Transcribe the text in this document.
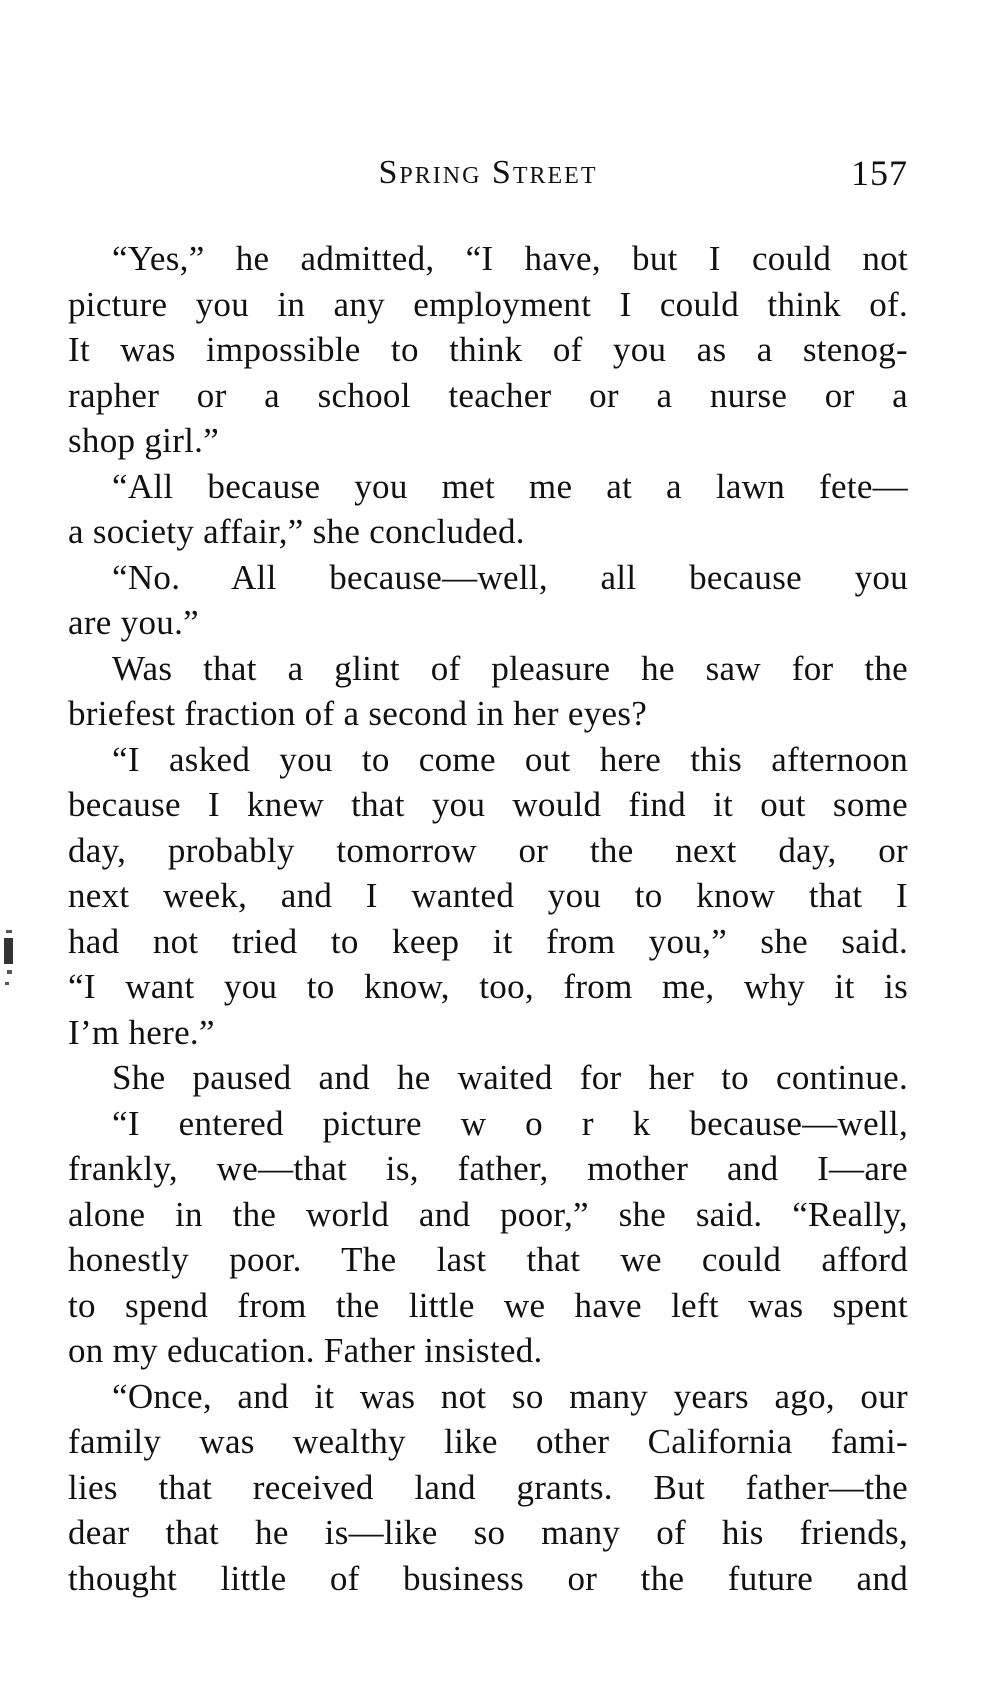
Spring Street	157
“Yes,” he admitted, “I have, but I could not
picture you in any employment I could think of.
It was impossible to think of you as a stenog-
rapher or a school teacher or a nurse or a
shop girl.”
“All because you met me at a lawn fete—
a society affair,” she concluded.
“No. All because—well, all because you
are you.”
Was that a glint of pleasure he saw for the
briefest fraction of a second in her eyes?
“I asked you to come out here this afternoon
because I knew that you would find it out some
day, probably tomorrow or the next day, or
next week, and I wanted you to know that I
had not tried to keep it from you,” she said.
“I want you to know, too, from me, why it is
I’m here.”
She paused and he waited for her to continue.
“I entered picture w o r k because—well,
frankly, we—that is, father, mother and I—are
alone in the world and poor,” she said. “Really,
honestly poor. The last that we could afford
to spend from the little we have left was spent
on my education. Father insisted.
“Once, and it was not so many years ago, our
family was wealthy like other California fami-
lies that received land grants. But father—the
dear that he is—like so many of his friends,
thought little of business or the future and
